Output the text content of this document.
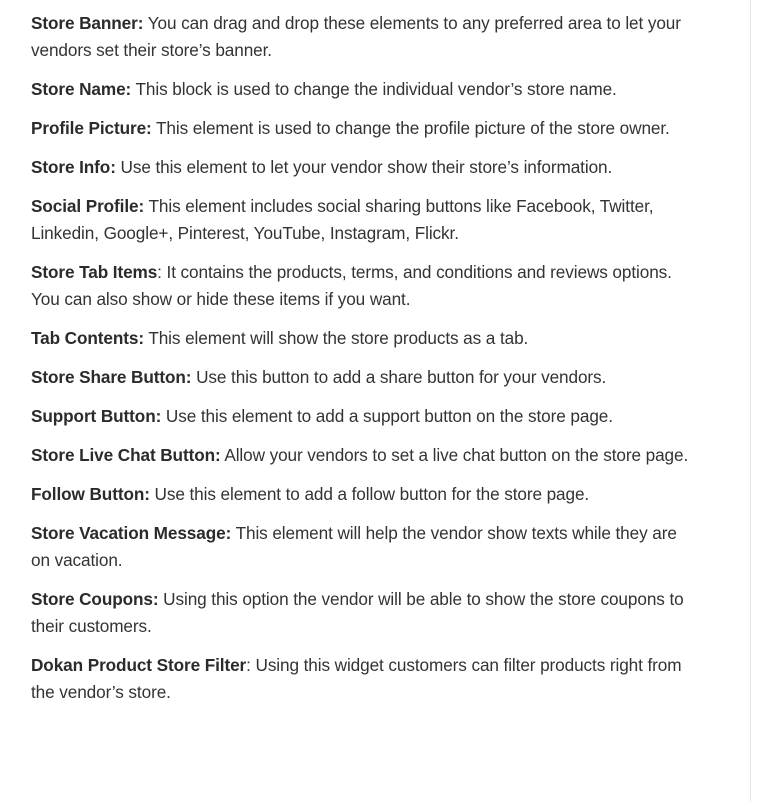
Store Banner: You can drag and drop these elements to any preferred area to let your vendors set their store’s banner.

Store Name: This block is used to change the individual vendor’s store name.

Profile Picture: This element is used to change the profile picture of the store owner.

Store Info: Use this element to let your vendor show their store’s information.

Social Profile: This element includes social sharing buttons like Facebook, Twitter, Linkedin, Google+, Pinterest, YouTube, Instagram, Flickr.

Store Tab Items: It contains the products, terms, and conditions and reviews options. You can also show or hide these items if you want.

Tab Contents: This element will show the store products as a tab.

Store Share Button: Use this button to add a share button for your vendors.

Support Button: Use this element to add a support button on the store page.

Store Live Chat Button: Allow your vendors to set a live chat button on the store page.

Follow Button: Use this element to add a follow button for the store page.

Store Vacation Message: This element will help the vendor show texts while they are on vacation.

Store Coupons: Using this option the vendor will be able to show the store coupons to their customers.

Dokan Product Store Filter: Using this widget customers can filter products right from the vendor’s store.
